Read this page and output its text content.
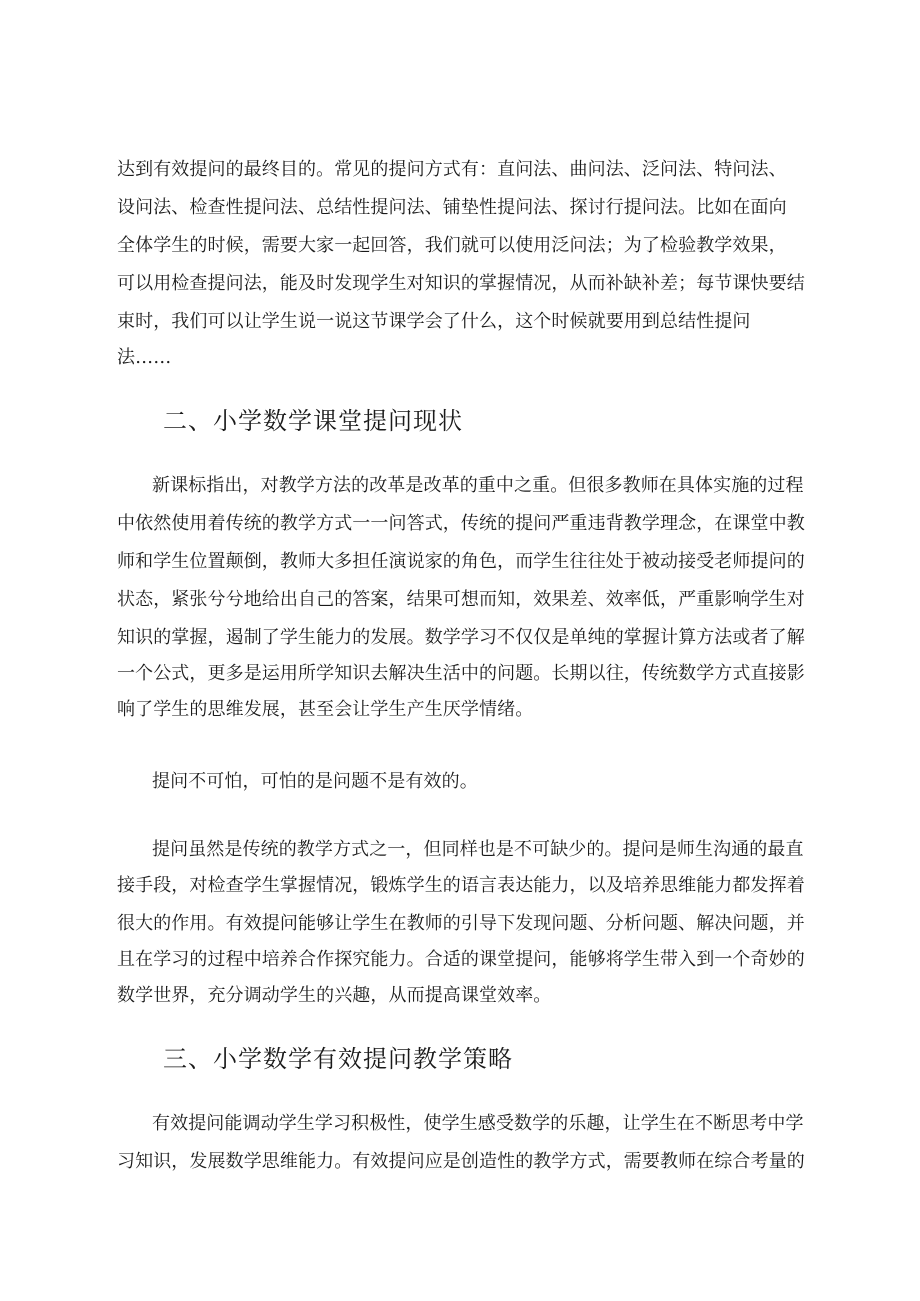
达到有效提问的最终目的。常见的提问方式有：直问法、曲问法、泛问法、特问法、
设问法、检查性提问法、总结性提问法、铺垫性提问法、探讨行提问法。比如在面向
全体学生的时候，需要大家一起回答，我们就可以使用泛问法；为了检验教学效果，
可以用检查提问法，能及时发现学生对知识的掌握情况，从而补缺补差；每节课快要结
束时，我们可以让学生说一说这节课学会了什么，这个时候就要用到总结性提问
法……
二、小学数学课堂提问现状
新课标指出，对教学方法的改革是改革的重中之重。但很多教师在具体实施的过程
中依然使用着传统的教学方式一一问答式，传统的提问严重违背教学理念，在课堂中教
师和学生位置颠倒，教师大多担任演说家的角色，而学生往往处于被动接受老师提问的
状态，紧张兮兮地给出自己的答案，结果可想而知，效果差、效率低，严重影响学生对
知识的掌握，遏制了学生能力的发展。数学学习不仅仅是单纯的掌握计算方法或者了解
一个公式，更多是运用所学知识去解决生活中的问题。长期以往，传统数学方式直接影
响了学生的思维发展，甚至会让学生产生厌学情绪。
提问不可怕，可怕的是问题不是有效的。
提问虽然是传统的教学方式之一，但同样也是不可缺少的。提问是师生沟通的最直
接手段，对检查学生掌握情况，锻炼学生的语言表达能力，以及培养思维能力都发挥着
很大的作用。有效提问能够让学生在教师的引导下发现问题、分析问题、解决问题，并
且在学习的过程中培养合作探究能力。合适的课堂提问，能够将学生带入到一个奇妙的
数学世界，充分调动学生的兴趣，从而提高课堂效率。
三、小学数学有效提问教学策略
有效提问能调动学生学习积极性，使学生感受数学的乐趣，让学生在不断思考中学
习知识，发展数学思维能力。有效提问应是创造性的教学方式，需要教师在综合考量的
